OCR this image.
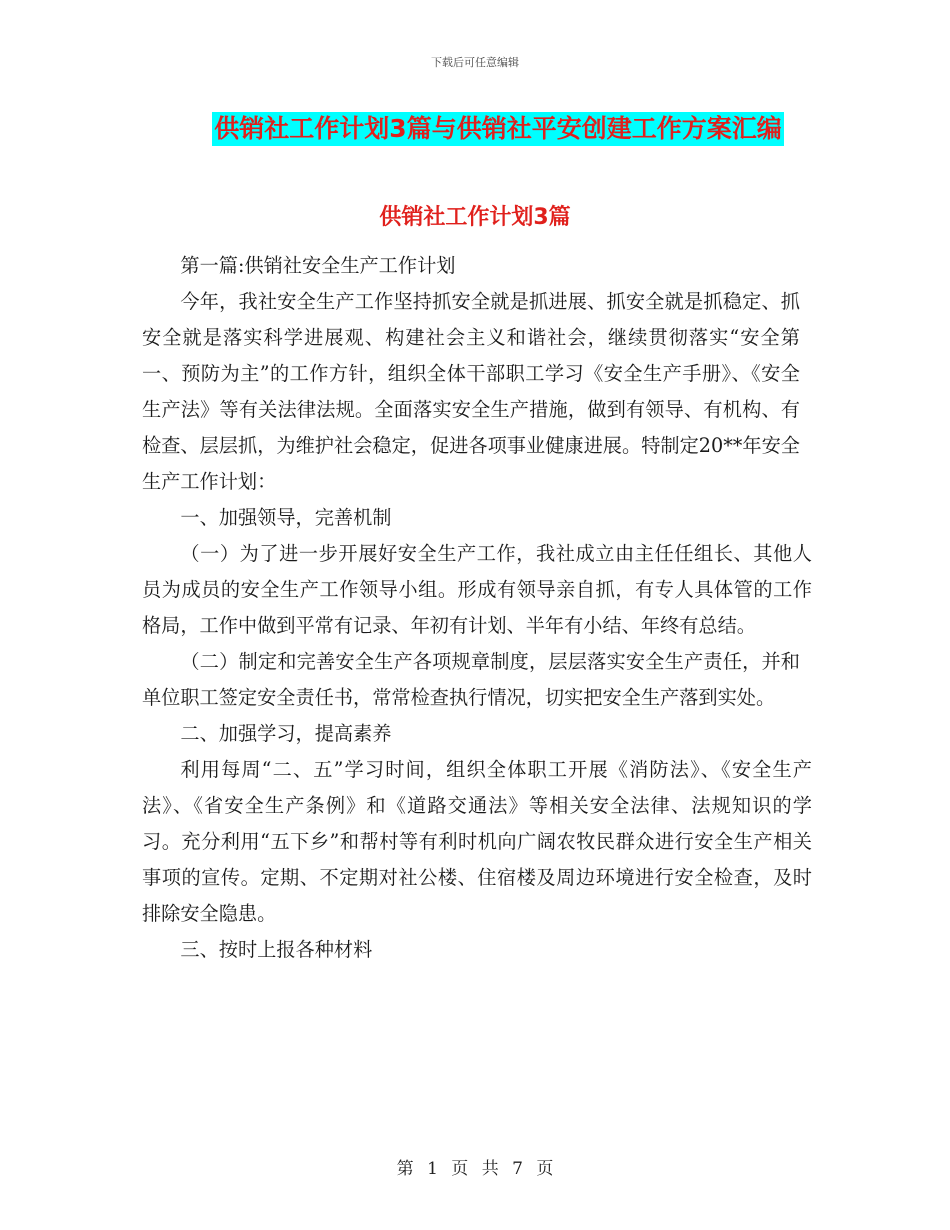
下载后可任意编辑
供销社工作计划3篇与供销社平安创建工作方案汇编
供销社工作计划3篇

第一篇:供销社安全生产工作计划

今年，我社安全生产工作坚持抓安全就是抓进展、抓安全就是抓稳定、抓安全就是落实科学进展观、构建社会主义和谐社会，继续贯彻落实“安全第一、预防为主”的工作方针，组织全体干部职工学习《安全生产手册》、《安全生产法》等有关法律法规。全面落实安全生产措施，做到有领导、有机构、有检查、层层抓，为维护社会稳定，促进各项事业健康进展。特制定20**年安全生产工作计划：

一、加强领导，完善机制

（一）为了进一步开展好安全生产工作，我社成立由主任任组长、其他人员为成员的安全生产工作领导小组。形成有领导亲自抓，有专人具体管的工作格局，工作中做到平常有记录、年初有计划、半年有小结、年终有总结。

（二）制定和完善安全生产各项规章制度，层层落实安全生产责任，并和单位职工签定安全责任书，常常检查执行情况，切实把安全生产落到实处。

二、加强学习，提高素养

利用每周“二、五”学习时间，组织全体职工开展《消防法》、《安全生产法》、《省安全生产条例》和《道路交通法》等相关安全法律、法规知识的学习。充分利用“五下乡”和帮村等有利时机向广阔农牧民群众进行安全生产相关事项的宣传。定期、不定期对社公楼、住宿楼及周边环境进行安全检查，及时排除安全隐患。

三、按时上报各种材料

第 1 页 共 7 页
